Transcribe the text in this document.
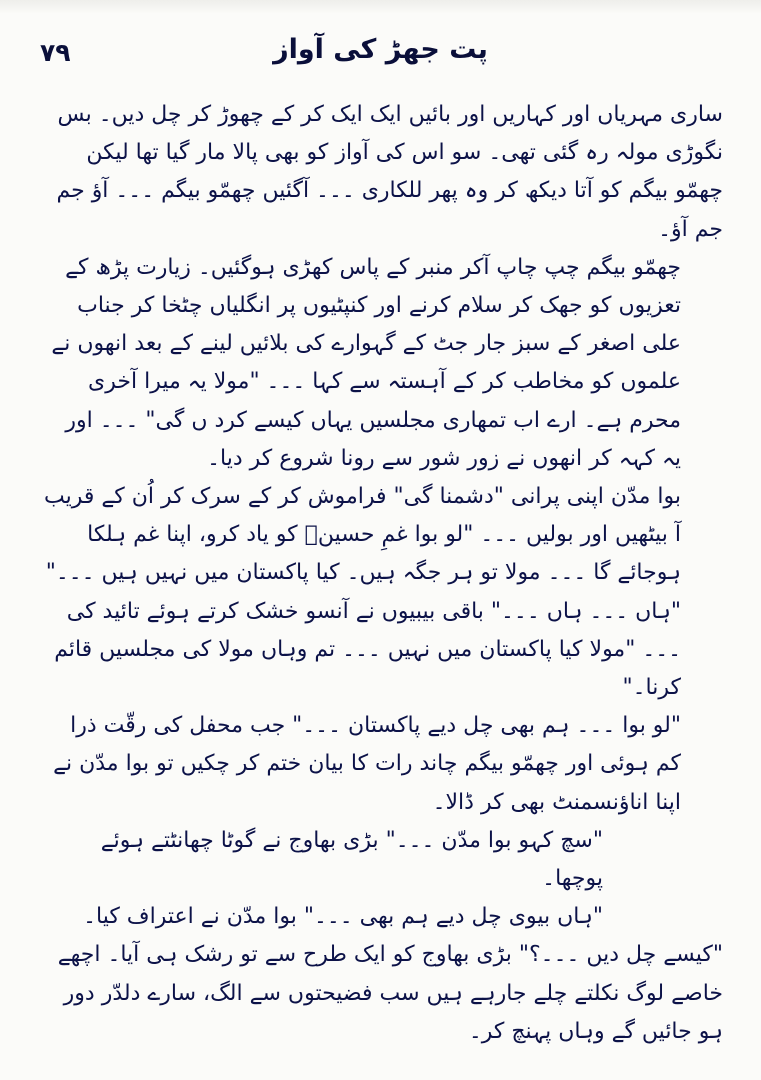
۷۹	پت جھڑ کی آواز

ساری مہریاں اور کہاریں اور بائیں ایک ایک کر کے چھوڑ کر چل دیں۔ بس نگوڑی مولہ رہ گئی تھی۔ سو اس کی آواز کو بھی پالا مار گیا تھا لیکن چھمّو بیگم کو آتا دیکھ کر وہ پھر للکاری ۔۔۔ آگئیں چھمّو بیگم ۔۔۔ آؤ جم جم آؤ۔

چھمّو بیگم چپ چاپ آکر منبر کے پاس کھڑی ہوگئیں۔ زیارت پڑھ کے تعزیوں کو جھک کر سلام کرنے اور کنپٹیوں پر انگلیاں چٹخا کر جناب علی اصغر کے سبز جار جٹ کے گہوارے کی بلائیں لینے کے بعد انھوں نے علموں کو مخاطب کر کے آہستہ سے کہا ۔۔۔ "مولا یہ میرا آخری محرم ہے۔ ارے اب تمھاری مجلسیں یہاں کیسے کرد ں گی" ۔۔۔ اور یہ کہہ کر انھوں نے زور شور سے رونا شروع کر دیا۔

بوا مدّن اپنی پرانی "دشمنا گی" فراموش کر کے سرک کر اُن کے قریب آ بیٹھیں اور بولیں ۔۔۔ "لو بوا غمِ حسینؑ کو یاد کرو، اپنا غم ہلکا ہوجائے گا ۔۔۔ مولا تو ہر جگہ ہیں۔ کیا پاکستان میں نہیں ہیں ۔۔۔"

"ہاں ۔۔۔ ہاں ۔۔۔" باقی بیبیوں نے آنسو خشک کرتے ہوئے تائید کی ۔۔۔ "مولا کیا پاکستان میں نہیں ۔۔۔ تم وہاں مولا کی مجلسیں قائم کرنا۔"

"لو بوا ۔۔۔ ہم بھی چل دیے پاکستان ۔۔۔" جب محفل کی رقّت ذرا کم ہوئی اور چھمّو بیگم چاند رات کا بیان ختم کر چکیں تو بوا مدّن نے اپنا اناؤنسمنٹ بھی کر ڈالا۔

"سچ کہو بوا مدّن ۔۔۔" بڑی بھاوج نے گوٹا چھانٹتے ہوئے پوچھا۔

"ہاں بیوی چل دیے ہم بھی ۔۔۔" بوا مدّن نے اعتراف کیا۔

"کیسے چل دیں ۔۔۔؟" بڑی بھاوج کو ایک طرح سے تو رشک ہی آیا۔ اچھے خاصے لوگ نکلتے چلے جارہے ہیں سب فضیحتوں سے الگ، سارے دلدّر دور ہو جائیں گے وہاں پہنچ کر۔
